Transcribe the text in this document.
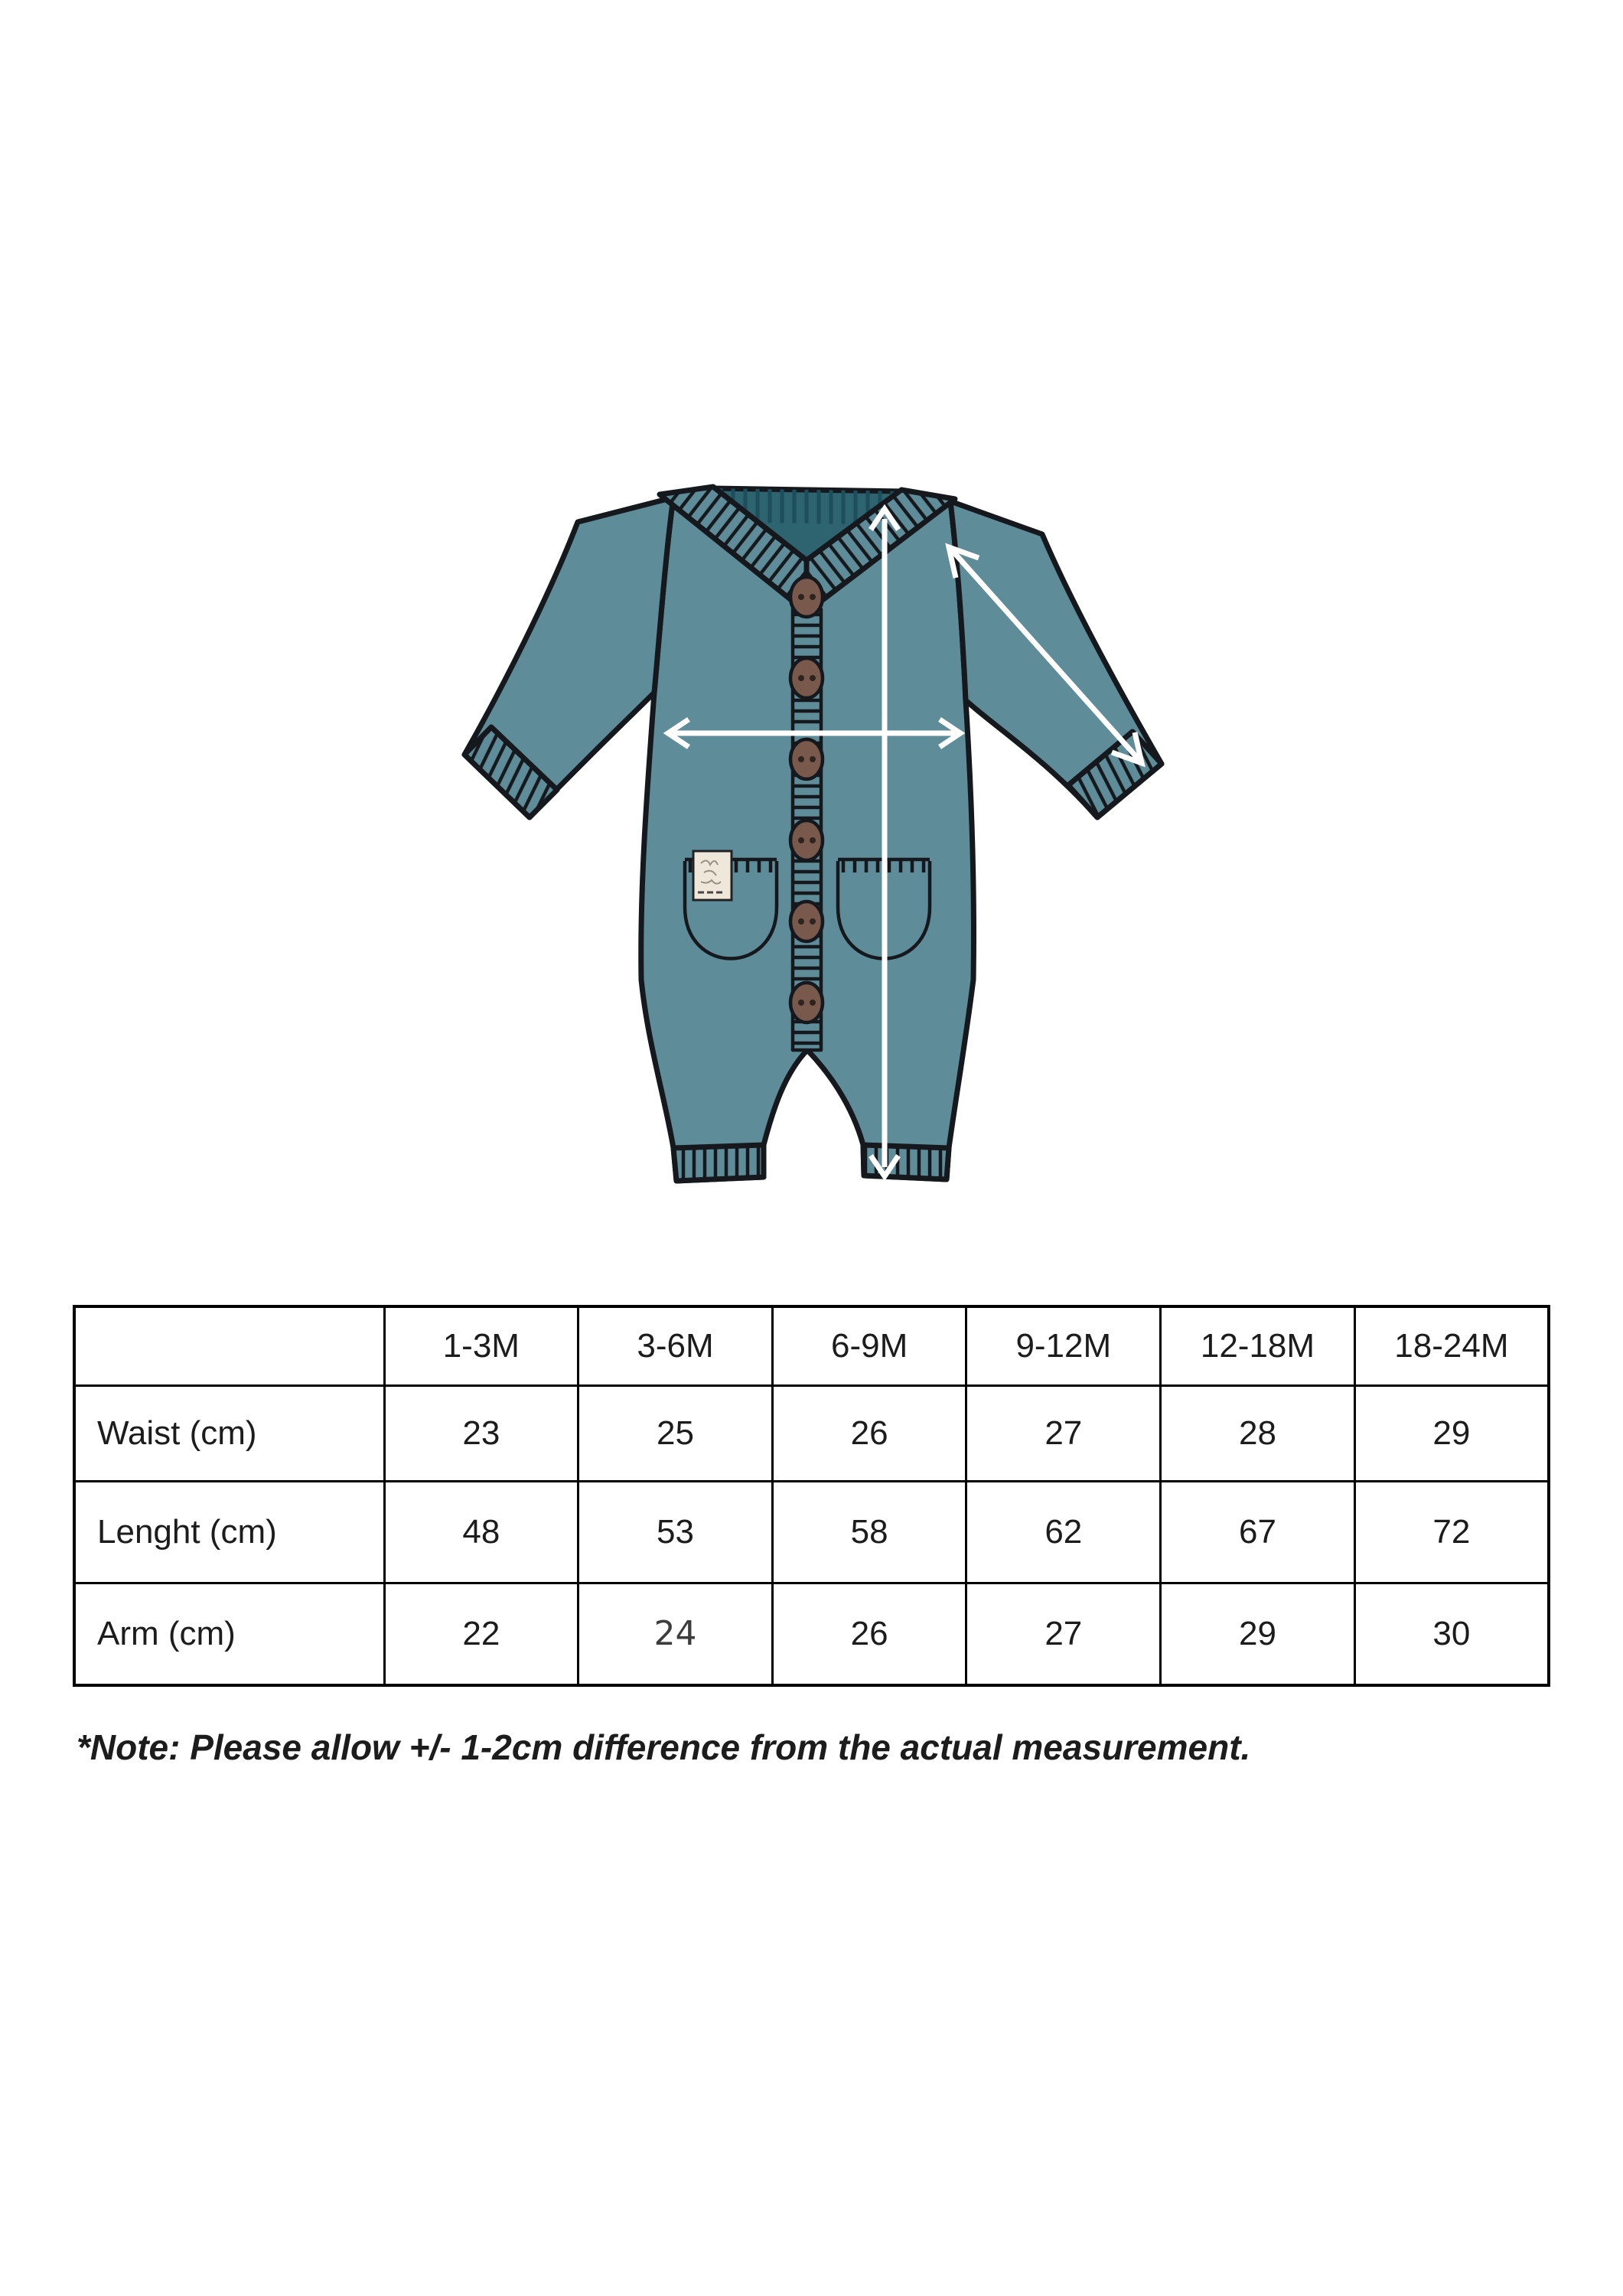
	1-3M	3-6M	6-9M	9-12M	12-18M	18-24M
Waist (cm)	23	25	26	27	28	29
Lenght (cm)	48	53	58	62	67	72
Arm (cm)	22	24	26	27	29	30
*Note: Please allow +/- 1-2cm difference from the actual measurement.
